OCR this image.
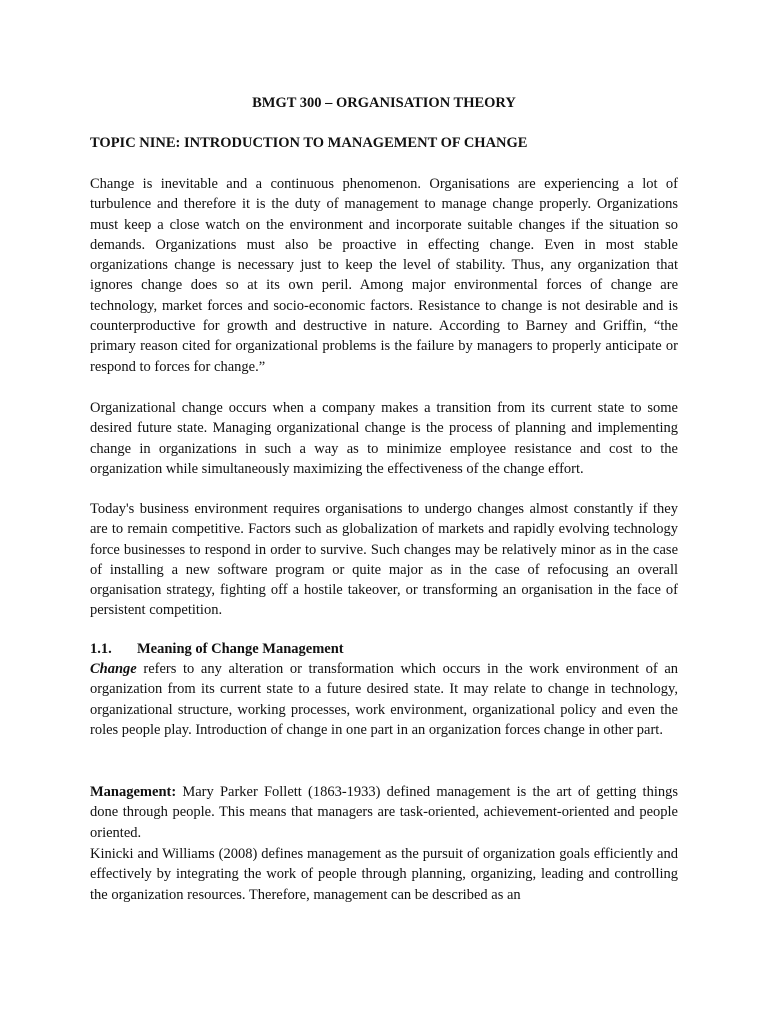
BMGT 300 – ORGANISATION THEORY
TOPIC NINE: INTRODUCTION TO MANAGEMENT OF CHANGE

Change is inevitable and a continuous phenomenon. Organisations are experiencing a lot of turbulence and therefore it is the duty of management to manage change properly. Organizations must keep a close watch on the environment and incorporate suitable changes if the situation so demands. Organizations must also be proactive in effecting change. Even in most stable organizations change is necessary just to keep the level of stability. Thus, any organization that ignores change does so at its own peril. Among major environmental forces of change are technology, market forces and socio-economic factors. Resistance to change is not desirable and is counterproductive for growth and destructive in nature. According to Barney and Griffin, “the primary reason cited for organizational problems is the failure by managers to properly anticipate or respond to forces for change.”

Organizational change occurs when a company makes a transition from its current state to some desired future state. Managing organizational change is the process of planning and implementing change in organizations in such a way as to minimize employee resistance and cost to the organization while simultaneously maximizing the effectiveness of the change effort.

Today's business environment requires organisations to undergo changes almost constantly if they are to remain competitive. Factors such as globalization of markets and rapidly evolving technology force businesses to respond in order to survive. Such changes may be relatively minor as in the case of installing a new software program or quite major as in the case of refocusing an overall organisation strategy, fighting off a hostile takeover, or transforming an organisation in the face of persistent competition.

1.1. Meaning of Change Management

Change refers to any alteration or transformation which occurs in the work environment of an organization from its current state to a future desired state. It may relate to change in technology, organizational structure, working processes, work environment, organizational policy and even the roles people play. Introduction of change in one part in an organization forces change in other part.

Management: Mary Parker Follett (1863-1933) defined management is the art of getting things done through people. This means that managers are task-oriented, achievement-oriented and people oriented.

Kinicki and Williams (2008) defines management as the pursuit of organization goals efficiently and effectively by integrating the work of people through planning, organizing, leading and controlling the organization resources. Therefore, management can be described as an
